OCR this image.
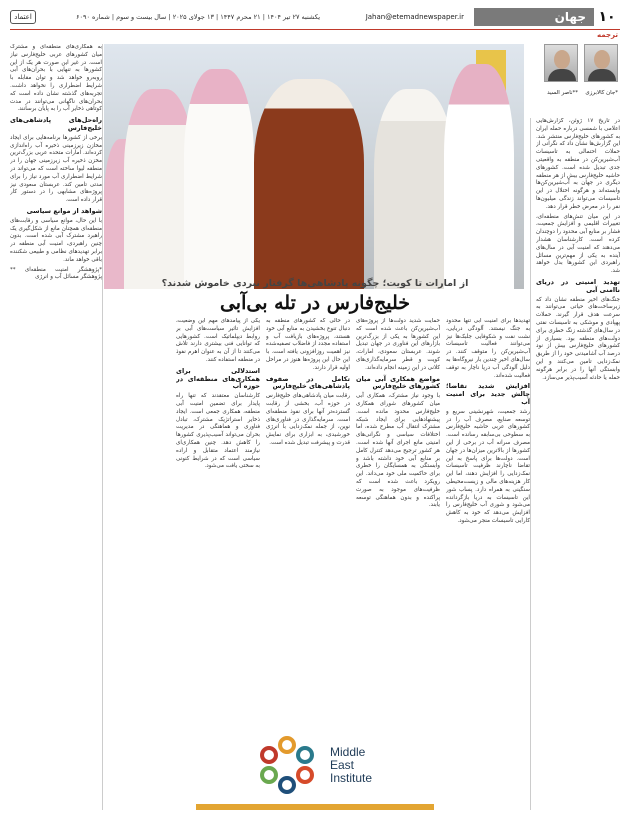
۱۰
جهان
Jahan@etemadnewspaper.ir
یکشنبه ۲۷ تیر ۱۴۰۴ | ۲۱ محرم ۱۴۴۷ | ۱۳ جولای ۲۰۲۵ | سال بیست و سوم | شماره ۶۰۹۰
اعتماد
ترجمه
جان کالابرزی*
ناصر السید**
از امارات تا کویت؛ چگونه پادشاهی‌ها گرفتار نبردی خاموش شدند؟
خلیج‌فارس در تله بی‌آبی

در تاریخ ۱۷ ژوئن، گزارش‌هایی اعلامی با شمسی درباره حمله ایران به کشورهای خلیج‌فارس منتشر شد. این گزارش‌ها نشان داد که نگرانی از حملات احتمالی به تاسیسات آب‌شیرین‌کن در منطقه به واقعیتی جدی تبدیل شده است. کشورهای حاشیه خلیج‌فارس بیش از هر منطقه دیگری در جهان به آب‌شیرین‌کن‌ها وابسته‌اند و هرگونه اختلال در این تاسیسات می‌تواند زندگی میلیون‌ها نفر را در معرض خطر قرار دهد.

در این میان تنش‌های منطقه‌ای، تغییرات اقلیمی و افزایش جمعیت، فشار بر منابع آبی محدود را دوچندان کرده است. کارشناسان هشدار می‌دهند که امنیت آبی در سال‌های آینده به یکی از مهم‌ترین مسائل راهبردی این کشورها بدل خواهد شد.

تهدید امنیتی در دریای ناامنی آبی

جنگ‌های اخیر منطقه نشان داد که زیرساخت‌های حیاتی می‌توانند به سرعت هدف قرار گیرند. حملات پهپادی و موشکی به تاسیسات نفتی در سال‌های گذشته زنگ خطری برای دولت‌های منطقه بود. بسیاری از کشورهای خلیج‌فارس بیش از نود درصد آب آشامیدنی خود را از طریق نمک‌زدایی تامین می‌کنند و این وابستگی آنها را در برابر هرگونه حمله یا حادثه آسیب‌پذیر می‌سازد.

تهدیدها برای امنیت آبی تنها محدود به جنگ نیستند. آلودگی دریایی، نشت نفت و شکوفایی جلبک‌ها نیز می‌توانند فعالیت تاسیسات آب‌شیرین‌کن را متوقف کنند. در سال‌های اخیر چندین بار نیروگاه‌ها به دلیل آلودگی آب دریا ناچار به توقف فعالیت شده‌اند.

افزایش شدید تقاضا؛ چالش جدید برای امنیت آب

رشد جمعیت، شهرنشینی سریع و توسعه صنایع، مصرف آب را در کشورهای عربی حاشیه خلیج‌فارس به سطوحی بی‌سابقه رسانده است. مصرف سرانه آب در برخی از این کشورها از بالاترین میزان‌ها در جهان است. دولت‌ها برای پاسخ به این تقاضا ناچارند ظرفیت تاسیسات نمک‌زدایی را افزایش دهند، اما این کار هزینه‌های مالی و زیست‌محیطی سنگینی به همراه دارد. پساب شور این تاسیسات به دریا بازگردانده می‌شود و شوری آب خلیج‌فارس را افزایش می‌دهد که خود به کاهش کارایی تاسیسات منجر می‌شود.

حمایت شدید دولت‌ها از پروژه‌های آب‌شیرین‌کن باعث شده است که این کشورها به یکی از بزرگ‌ترین بازارهای این فناوری در جهان تبدیل شوند. عربستان سعودی، امارات، کویت و قطر سرمایه‌گذاری‌های کلانی در این زمینه انجام داده‌اند.

مواضع همکاری آبی میان کشورهای خلیج‌فارس

با وجود نیاز مشترک، همکاری آبی میان کشورهای شورای همکاری خلیج‌فارس محدود مانده است. پیشنهادهایی برای ایجاد شبکه مشترک انتقال آب مطرح شده، اما اختلافات سیاسی و نگرانی‌های امنیتی مانع اجرای آنها شده است. هر کشور ترجیح می‌دهد کنترل کامل بر منابع آبی خود داشته باشد و وابستگی به همسایگان را خطری برای حاکمیت ملی خود می‌داند. این رویکرد باعث شده است که ظرفیت‌های موجود به صورت پراکنده و بدون هماهنگی توسعه یابند.

در حالی که کشورهای منطقه به دنبال تنوع بخشیدن به منابع آبی خود هستند، پروژه‌های بازیافت آب و استفاده مجدد از فاضلاب تصفیه‌شده نیز اهمیت روزافزونی یافته است. با این حال این پروژه‌ها هنوز در مراحل اولیه قرار دارند.

تکامل در صفوف پادشاهی‌های خلیج‌فارس

رقابت میان پادشاهی‌های خلیج‌فارس در حوزه آب، بخشی از رقابت گسترده‌تر آنها برای نفوذ منطقه‌ای است. سرمایه‌گذاری در فناوری‌های نوین، از جمله نمک‌زدایی با انرژی خورشیدی، به ابزاری برای نمایش قدرت و پیشرفت تبدیل شده است.

یکی از پیامدهای مهم این وضعیت، افزایش تاثیر سیاست‌های آبی بر روابط دیپلماتیک است. کشورهایی که توانایی فنی بیشتری دارند تلاش می‌کنند تا از آن به عنوان اهرم نفوذ در منطقه استفاده کنند.

استدلالی برای همکاری‌های منطقه‌ای در حوزه آب

کارشناسان معتقدند که تنها راه پایدار برای تضمین امنیت آبی منطقه، همکاری جمعی است. ایجاد ذخایر استراتژیک مشترک، تبادل فناوری و هماهنگی در مدیریت بحران می‌تواند آسیب‌پذیری کشورها را کاهش دهد. چنین همکاری‌ای نیازمند اعتماد متقابل و اراده سیاسی است که در شرایط کنونی به سختی یافت می‌شود.

به همکاری‌های منطقه‌ای و مشترک میان کشورهای عربی خلیج‌فارس نیاز است. در غیر این صورت هر یک از این کشورها به تنهایی با بحران‌های آبی روبه‌رو خواهد شد و توان مقابله با شرایط اضطراری را نخواهد داشت. تجربه‌های گذشته نشان داده است که بحران‌های ناگهانی می‌توانند در مدت کوتاهی ذخایر آب را به پایان برسانند.

راه‌حل‌های پادشاهی‌های خلیج‌فارس

برخی از کشورها برنامه‌هایی برای ایجاد مخازن زیرزمینی ذخیره آب راه‌اندازی کرده‌اند. امارات متحده عربی بزرگ‌ترین مخزن ذخیره آب زیرزمینی جهان را در منطقه لیوا ساخته است که می‌تواند در شرایط اضطراری آب مورد نیاز را برای مدتی تامین کند. عربستان سعودی نیز پروژه‌های مشابهی را در دستور کار قرار داده است.

شواهد از موانع سیاسی

با این حال، موانع سیاسی و رقابت‌های منطقه‌ای همچنان مانع از شکل‌گیری یک راهبرد مشترک آبی شده است. بدون چنین راهبردی، امنیت آبی منطقه در برابر تهدیدهای نظامی و طبیعی شکننده باقی خواهد ماند.

*پژوهشگر امنیت منطقه‌ای ** پژوهشگر مسائل آب و انرژی

Middle
East
Institute
